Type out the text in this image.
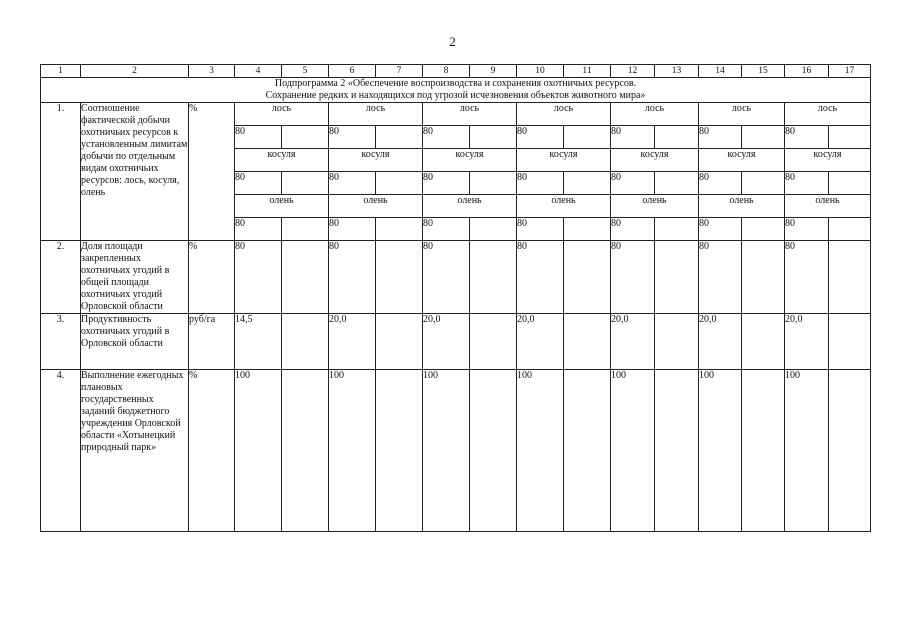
2
1	2	3	4	5	6	7	8	9	10	11	12	13	14	15	16	17

Подпрограмма 2 «Обеспечение воспроизводства и сохранения охотничьих ресурсов.
Сохранение редких и находящихся под угрозой исчезновения объектов животного мира»																

1.	Соотношение фактической добычи охотничьих ресурсов к установленным лимитам добычи по отдельным видам охотничьих ресурсов: лось, косуля, олень	%	лось		лось		лось		лось		лось		лось		лось	
			80		80		80		80		80		80		80	
			косуля		косуля		косуля		косуля		косуля		косуля		косуля	
			80		80		80		80		80		80		80	
			олень		олень		олень		олень		олень		олень		олень	
			80		80		80		80		80		80		80	
2.	Доля площади закрепленных охотничьих угодий в общей площади охотничьих угодий Орловской области	%	80		80		80		80		80		80		80	
3.	Продуктивность охотничьих угодий в Орловской области	руб/га	14,5		20,0		20,0		20,0		20,0		20,0		20,0	
4.	Выполнение ежегодных плановых государственных заданий бюджетного учреждения Орловской области «Хотынецкий природный парк»	%	100		100		100		100		100		100		100	
